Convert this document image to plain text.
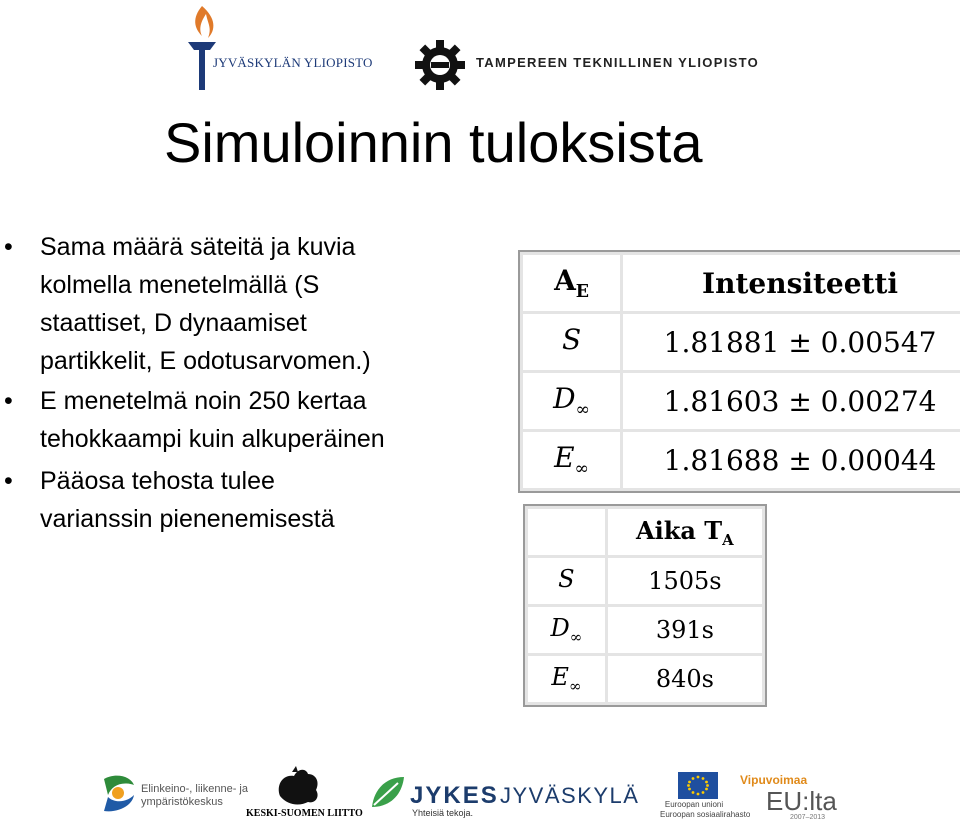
JYVÄSKYLÄN YLIOPISTO	TAMPEREEN TEKNILLINEN YLIOPISTO
Simuloinnin tuloksista
• Sama määrä säteitä ja kuvia
kolmella menetelmällä (S
staattiset, D dynaamiset
partikkelit, E odotusarvomen.)
• E menetelmä noin 250 kertaa
tehokkaampi kuin alkuperäinen
• Pääosa tehosta tulee
varianssin pienenemisestä
$A_E$	Intensiteetti
S	1.81881 ± 0.00547
$D_\infty$	1.81603 ± 0.00274
$E_\infty$	1.81688 ± 0.00044
	Aika $T_A$
S	1505s
$D_\infty$	391s
$E_\infty$	840s
Elinkeino-, liikenne- ja
ympäristökeskus
KESKI-SUOMEN LIITTO
JYKES
Yhteisiä tekoja.
JYVÄSKYLÄ	Euroopan unioni
Euroopan sosiaalirahasto
Vipuvoimaa
EU:lta
2007–2013
